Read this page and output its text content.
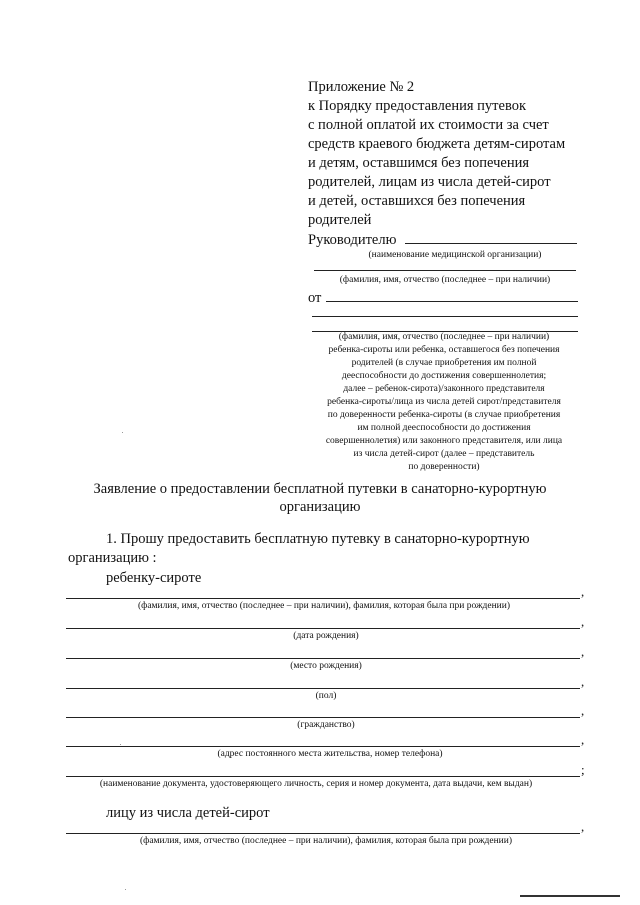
Приложение № 2
к Порядку предоставления путевок
с полной оплатой их стоимости за счет
средств краевого бюджета детям-сиротам
и детям, оставшимся без попечения
родителей, лицам из числа детей-сирот
и детей, оставшихся без попечения
родителей
Руководителю
(наименование медицинской организации)
(фамилия, имя, отчество (последнее – при наличии)
от
(фамилия, имя, отчество (последнее – при наличии)
ребенка-сироты или ребенка, оставшегося без попечения
родителей (в случае приобретения им полной
дееспособности до достижения совершеннолетия;
далее – ребенок-сирота)/законного представителя
ребенка-сироты/лица из числа детей сирот/представителя
по доверенности ребенка-сироты (в случае приобретения
им полной дееспособности до достижения
совершеннолетия) или законного представителя, или лица
из числа детей-сирот (далее – представитель
по доверенности)
Заявление о предоставлении бесплатной путевки в санаторно-курортную
организацию
1. Прошу предоставить бесплатную путевку в санаторно-курортную
организацию :
ребенку-сироте
,
(фамилия, имя, отчество (последнее – при наличии), фамилия, которая была при рождении)
,
(дата рождения)
,
(место рождения)
,
(пол)
,
(гражданство)
,
(адрес постоянного места жительства, номер телефона)
;
(наименование документа, удостоверяющего личность, серия и номер документа, дата выдачи, кем выдан)
лицу из числа детей-сирот
,
(фамилия, имя, отчество (последнее – при наличии), фамилия, которая была при рождении)
